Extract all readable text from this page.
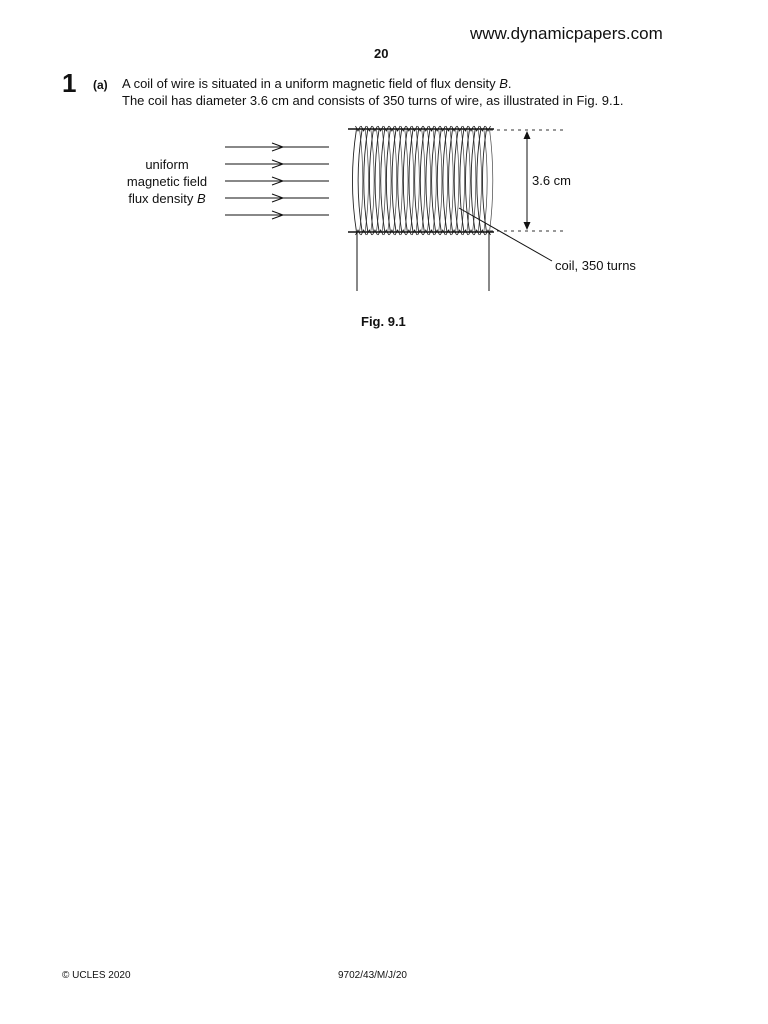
www.dynamicpapers.com
20
1 (a) A coil of wire is situated in a uniform magnetic field of flux density B.
The coil has diameter 3.6 cm and consists of 350 turns of wire, as illustrated in Fig. 9.1.
uniform
magnetic field
flux density B
3.6 cm
coil, 350 turns
Fig. 9.1
© UCLES 2020	9702/43/M/J/20
